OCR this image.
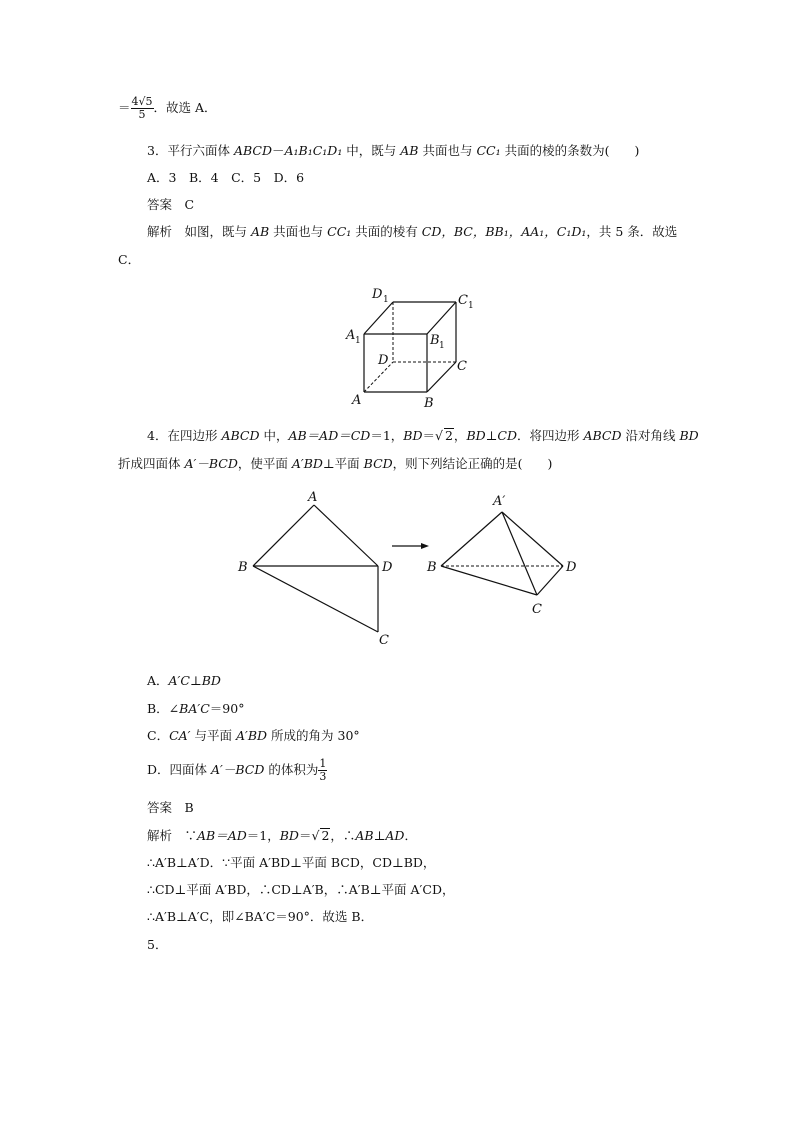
＝ $\frac{4√5}{5}$ ．故选 A．
3．平行六面体 ABCD－A₁B₁C₁D₁ 中，既与 AB 共面也与 CC₁ 共面的棱的条数为(　　)
A．3　B．4　C．5　D．6
答案　C
解析　如图，既与 AB 共面也与 CC₁ 共面的棱有 CD，BC，BB₁，AA₁，C₁D₁，共 5 条．故选
C．
D 1	C 1
A 1	B 1
D	C
A	B
4．在四边形 ABCD 中，AB＝AD＝CD＝1，BD＝√ 2，BD⊥CD．将四边形 ABCD 沿对角线 BD
折成四面体 A′－BCD，使平面 A′BD⊥平面 BCD，则下列结论正确的是(　　)
A
B	D
C
A′
B	D
C
A．A′C⊥BD
B．∠BA′C＝90°
C．CA′ 与平面 A′BD 所成的角为 30°
D．四面体 A′－BCD 的体积为 $\frac{1}{3}$
答案　B
解析　∵AB＝AD＝1，BD＝√ 2，∴AB⊥AD．
∴A′B⊥A′D．∵平面 A′BD⊥平面 BCD，CD⊥BD，
∴CD⊥平面 A′BD，∴CD⊥A′B，∴A′B⊥平面 A′CD，
∴A′B⊥A′C，即∠BA′C＝90°．故选 B．
5．
